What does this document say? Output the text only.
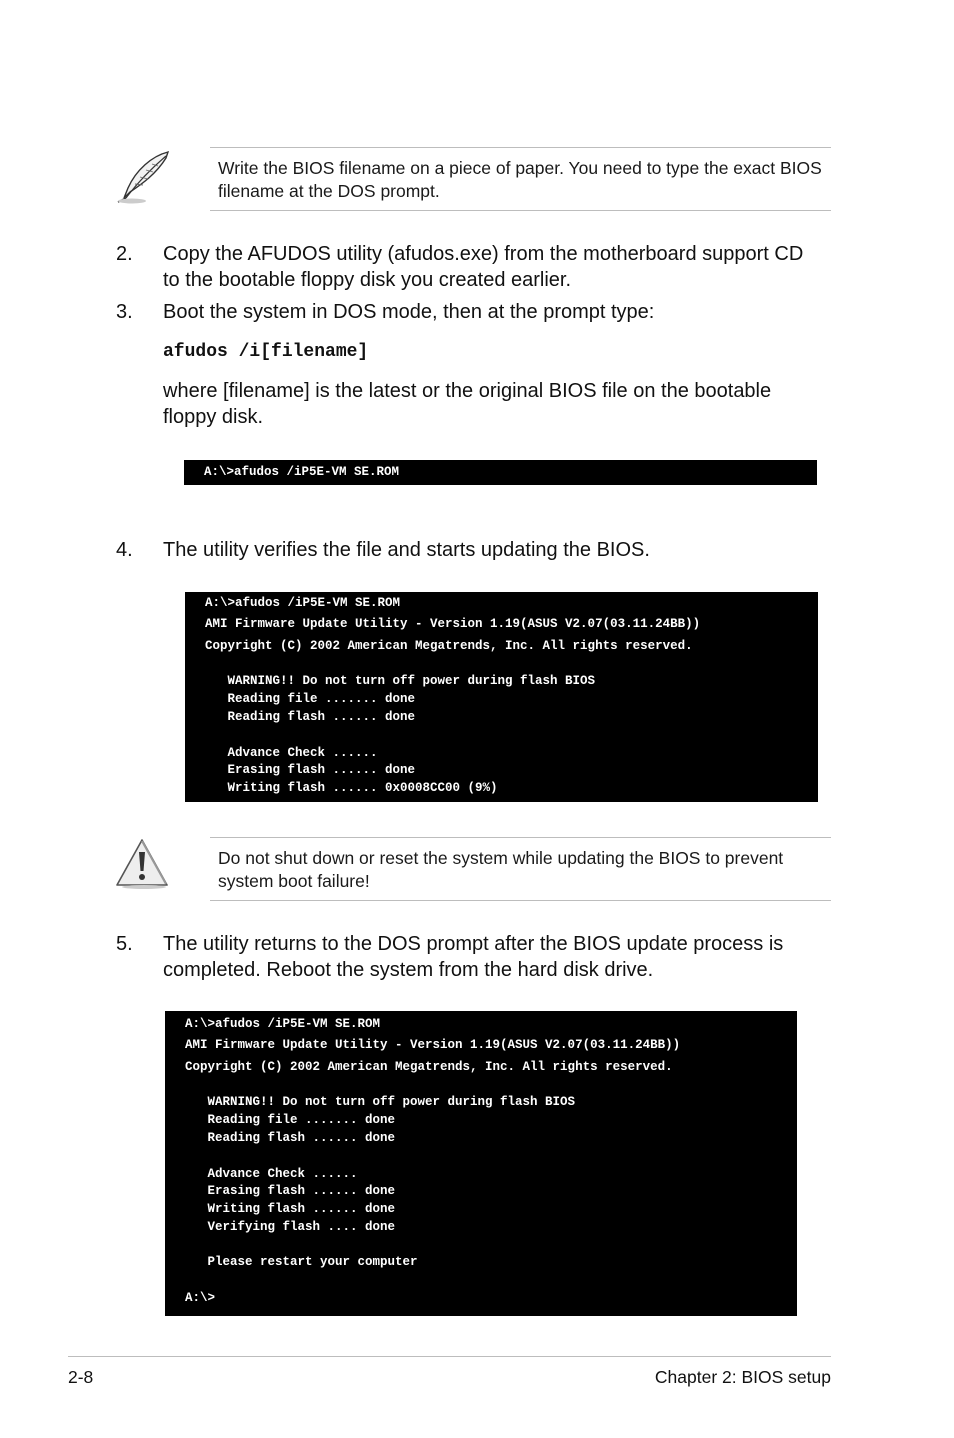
Write the BIOS filename on a piece of paper. You need to type the exact BIOS filename at the DOS prompt.
2. Copy the AFUDOS utility (afudos.exe) from the motherboard support CD to the bootable floppy disk you created earlier.
3. Boot the system in DOS mode, then at the prompt type:
afudos /i[filename]
where [filename] is the latest or the original BIOS file on the bootable floppy disk.
A:\>afudos /iP5E-VM SE.ROM
4. The utility verifies the file and starts updating the BIOS.
A:\>afudos /iP5E-VM SE.ROM
AMI Firmware Update Utility - Version 1.19(ASUS V2.07(03.11.24BB))
Copyright (C) 2002 American Megatrends, Inc. All rights reserved.
WARNING!! Do not turn off power during flash BIOS
Reading file ....... done
Reading flash ...... done
Advance Check ......
Erasing flash ...... done
Writing flash ...... 0x0008CC00 (9%)
Do not shut down or reset the system while updating the BIOS to prevent system boot failure!
5. The utility returns to the DOS prompt after the BIOS update process is completed. Reboot the system from the hard disk drive.
A:\>afudos /iP5E-VM SE.ROM
AMI Firmware Update Utility - Version 1.19(ASUS V2.07(03.11.24BB))
Copyright (C) 2002 American Megatrends, Inc. All rights reserved.
WARNING!! Do not turn off power during flash BIOS
Reading file ....... done
Reading flash ...... done
Advance Check ......
Erasing flash ...... done
Writing flash ...... done
Verifying flash .... done
Please restart your computer
A:\>
2-8	Chapter 2: BIOS setup
